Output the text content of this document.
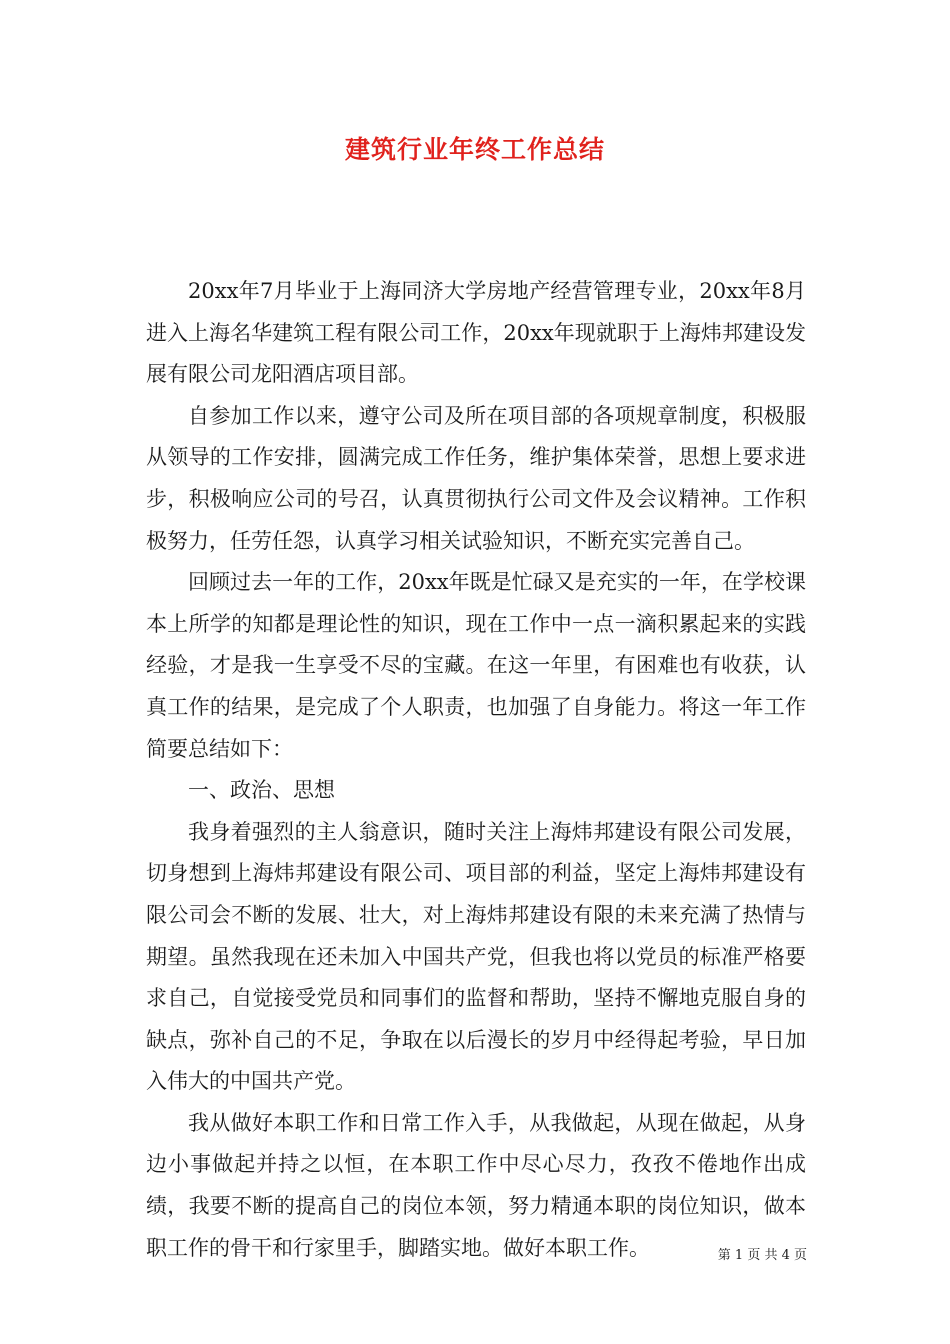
建筑行业年终工作总结

20xx年7月毕业于上海同济大学房地产经营管理专业，20xx年8月进入上海名华建筑工程有限公司工作，20xx年现就职于上海炜邦建设发展有限公司龙阳酒店项目部。

自参加工作以来，遵守公司及所在项目部的各项规章制度，积极服从领导的工作安排，圆满完成工作任务，维护集体荣誉，思想上要求进步，积极响应公司的号召，认真贯彻执行公司文件及会议精神。工作积极努力，任劳任怨，认真学习相关试验知识，不断充实完善自己。

回顾过去一年的工作，20xx年既是忙碌又是充实的一年，在学校课本上所学的知都是理论性的知识，现在工作中一点一滴积累起来的实践经验，才是我一生享受不尽的宝藏。在这一年里，有困难也有收获，认真工作的结果，是完成了个人职责，也加强了自身能力。将这一年工作简要总结如下：

一、政治、思想

我身着强烈的主人翁意识，随时关注上海炜邦建设有限公司发展，切身想到上海炜邦建设有限公司、项目部的利益，坚定上海炜邦建设有限公司会不断的发展、壮大，对上海炜邦建设有限的未来充满了热情与期望。虽然我现在还未加入中国共产党，但我也将以党员的标准严格要求自己，自觉接受党员和同事们的监督和帮助，坚持不懈地克服自身的缺点，弥补自己的不足，争取在以后漫长的岁月中经得起考验，早日加入伟大的中国共产党。

我从做好本职工作和日常工作入手，从我做起，从现在做起，从身边小事做起并持之以恒，在本职工作中尽心尽力，孜孜不倦地作出成绩，我要不断的提高自己的岗位本领，努力精通本职的岗位知识，做本职工作的骨干和行家里手，脚踏实地。做好本职工作。	第 1 页 共 4 页
